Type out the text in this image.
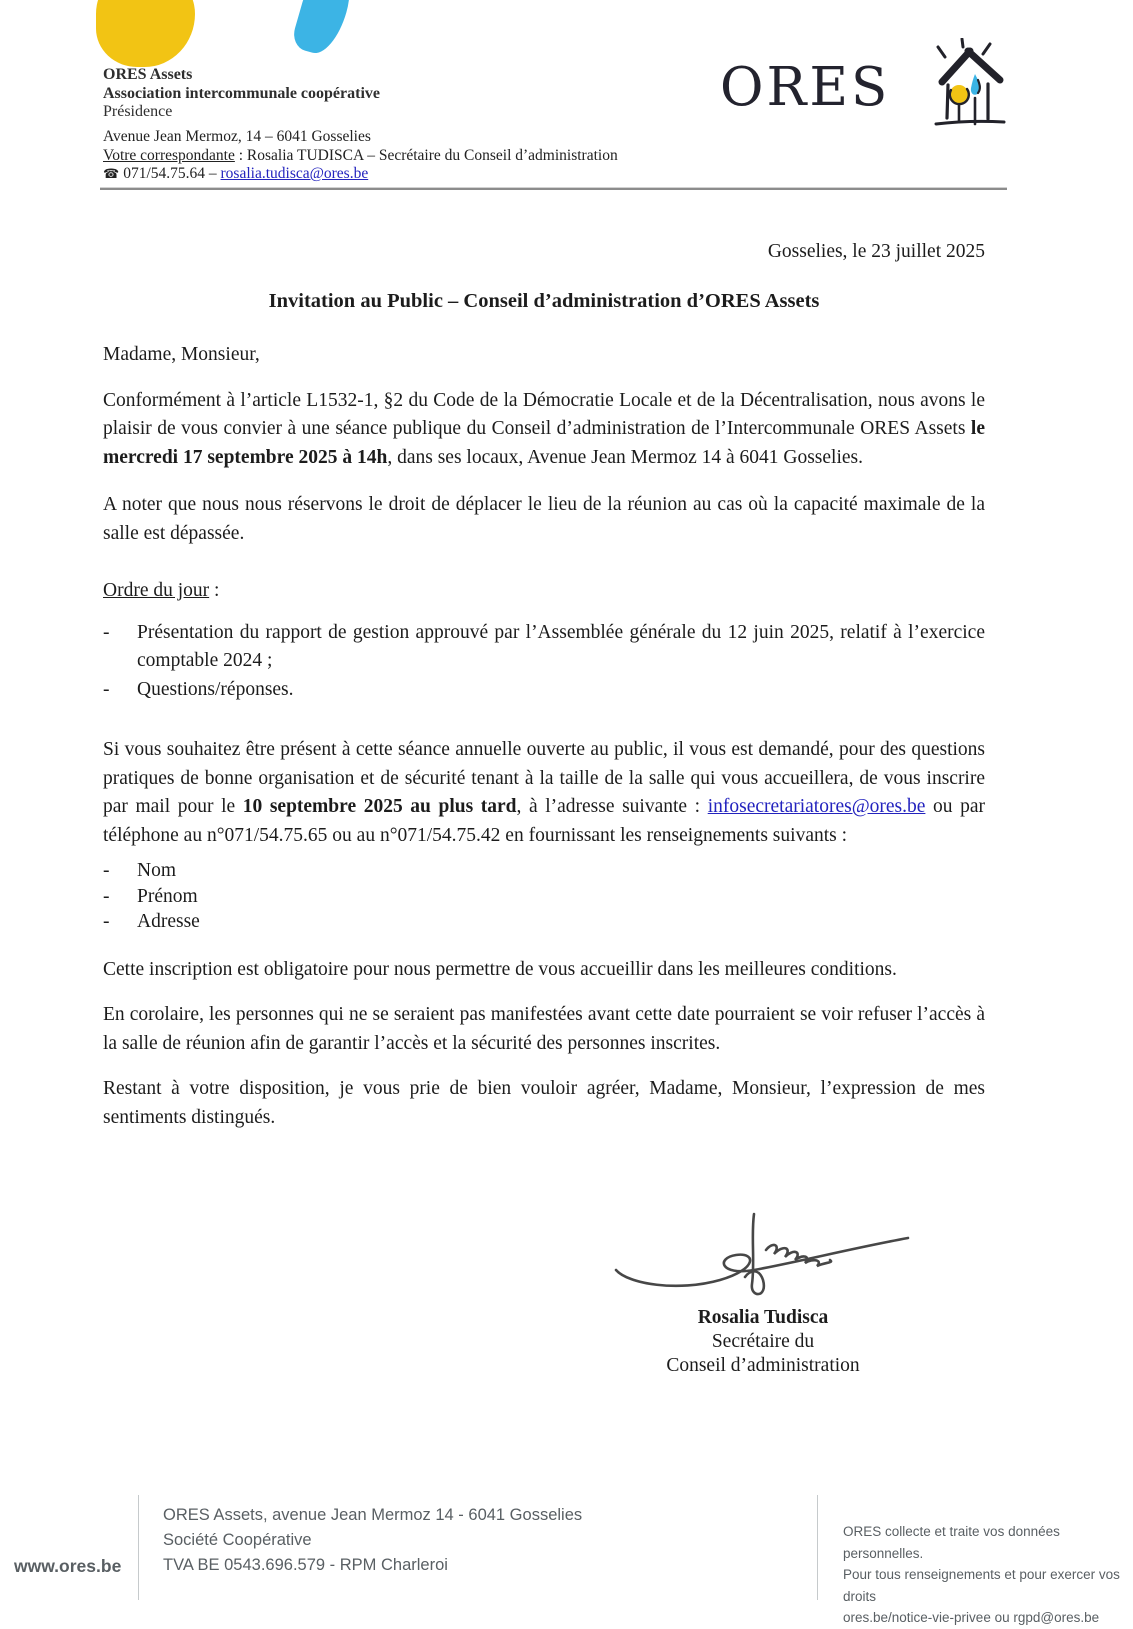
ORES Assets
Association intercommunale coopérative
Présidence
Avenue Jean Mermoz, 14 – 6041 Gosselies
Votre correspondante : Rosalia TUDISCA – Secrétaire du Conseil d’administration
☎ 071/54.75.64 – rosalia.tudisca@ores.be
ORES
Gosselies, le 23 juillet 2025
Invitation au Public – Conseil d’administration d’ORES Assets
Madame, Monsieur,
Conformément à l’article L1532-1, §2 du Code de la Démocratie Locale et de la Décentralisation, nous avons le plaisir de vous convier à une séance publique du Conseil d’administration de l’Intercommunale ORES Assets le mercredi 17 septembre 2025 à 14h, dans ses locaux, Avenue Jean Mermoz 14 à 6041 Gosselies.
A noter que nous nous réservons le droit de déplacer le lieu de la réunion au cas où la capacité maximale de la salle est dépassée.
Ordre du jour :
- Présentation du rapport de gestion approuvé par l’Assemblée générale du 12 juin 2025, relatif à l’exercice comptable 2024 ;
- Questions/réponses.
Si vous souhaitez être présent à cette séance annuelle ouverte au public, il vous est demandé, pour des questions pratiques de bonne organisation et de sécurité tenant à la taille de la salle qui vous accueillera, de vous inscrire par mail pour le 10 septembre 2025 au plus tard, à l’adresse suivante : infosecretariatores@ores.be ou par téléphone au n°071/54.75.65 ou au n°071/54.75.42 en fournissant les renseignements suivants :
- Nom
- Prénom
- Adresse
Cette inscription est obligatoire pour nous permettre de vous accueillir dans les meilleures conditions.
En corolaire, les personnes qui ne se seraient pas manifestées avant cette date pourraient se voir refuser l’accès à la salle de réunion afin de garantir l’accès et la sécurité des personnes inscrites.
Restant à votre disposition, je vous prie de bien vouloir agréer, Madame, Monsieur, l’expression de mes sentiments distingués.
Rosalia Tudisca
Secrétaire du
Conseil d’administration
www.ores.be
ORES Assets, avenue Jean Mermoz 14 - 6041 Gosselies
Société Coopérative
TVA BE 0543.696.579 - RPM Charleroi
ORES collecte et traite vos données personnelles.
Pour tous renseignements et pour exercer vos droits
ores.be/notice-vie-privee ou rgpd@ores.be
